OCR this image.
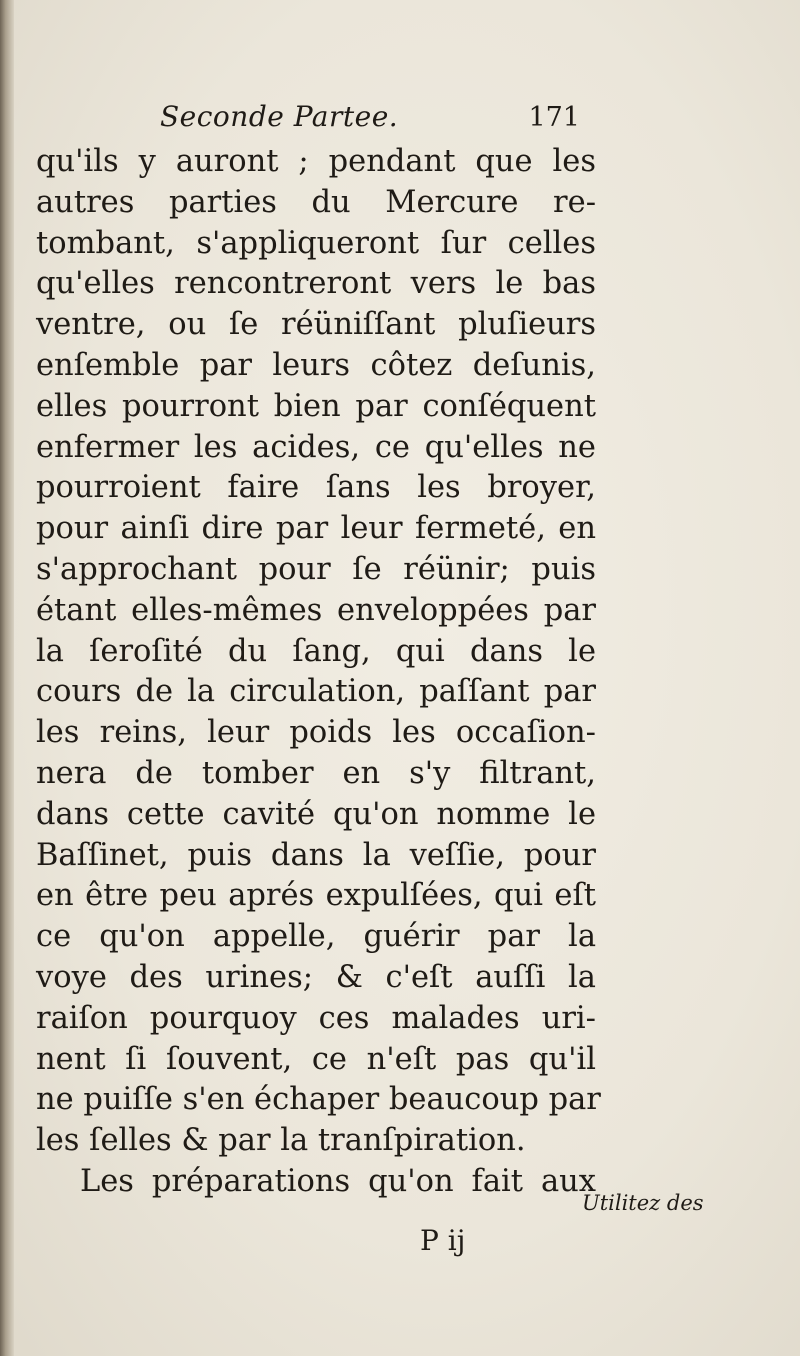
Seconde Partee.	171
qu'ils y auront ; pendant que les
autres parties du Mercure re-
tombant, s'appliqueront ſur celles
qu'elles rencontreront vers le bas
ventre, ou ſe réüniſſant pluſieurs
enſemble par leurs côtez deſunis,
elles pourront bien par conſéquent
enfermer les acides, ce qu'elles ne
pourroient faire ſans les broyer,
pour ainſi dire par leur fermeté, en
s'approchant pour ſe réünir; puis
étant elles-mêmes enveloppées par
la ſeroſité du ſang, qui dans le
cours de la circulation, paſſant par
les reins, leur poids les occaſion-
nera de tomber en s'y filtrant,
dans cette cavité qu'on nomme le
Baſſinet, puis dans la veſſie, pour
en être peu aprés expulſées, qui eſt
ce qu'on appelle, guérir par la
voye des urines; & c'eſt auſſi la
raiſon pourquoy ces malades uri-
nent ſi ſouvent, ce n'eſt pas qu'il
ne puiſſe s'en échaper beaucoup par
les ſelles & par la tranſpiration.
Les préparations qu'on fait aux
Utilitez des
P ij
